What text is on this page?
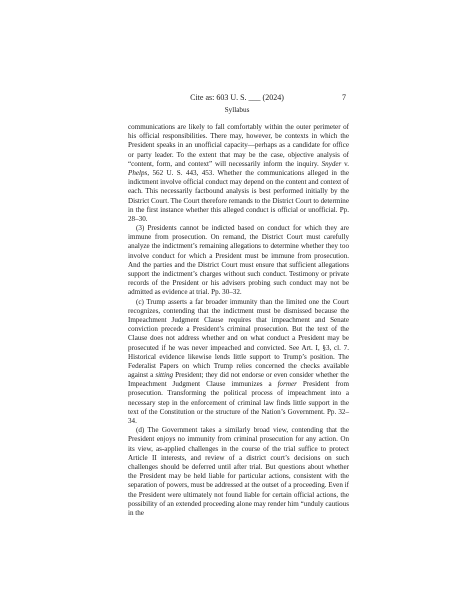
Cite as: 603 U. S. ___ (2024)	7
Syllabus

communications are likely to fall comfortably within the outer perimeter of his official responsibilities. There may, however, be contexts in which the President speaks in an unofficial capacity—perhaps as a candidate for office or party leader. To the extent that may be the case, objective analysis of “content, form, and context” will necessarily inform the inquiry. Snyder v. Phelps, 562 U. S. 443, 453. Whether the communications alleged in the indictment involve official conduct may depend on the content and context of each. This necessarily factbound analysis is best performed initially by the District Court. The Court therefore remands to the District Court to determine in the first instance whether this alleged conduct is official or unofficial. Pp. 28–30.

(3) Presidents cannot be indicted based on conduct for which they are immune from prosecution. On remand, the District Court must carefully analyze the indictment’s remaining allegations to determine whether they too involve conduct for which a President must be immune from prosecution. And the parties and the District Court must ensure that sufficient allegations support the indictment’s charges without such conduct. Testimony or private records of the President or his advisers probing such conduct may not be admitted as evidence at trial. Pp. 30–32.

(c) Trump asserts a far broader immunity than the limited one the Court recognizes, contending that the indictment must be dismissed because the Impeachment Judgment Clause requires that impeachment and Senate conviction precede a President’s criminal prosecution. But the text of the Clause does not address whether and on what conduct a President may be prosecuted if he was never impeached and convicted. See Art. I, §3, cl. 7. Historical evidence likewise lends little support to Trump’s position. The Federalist Papers on which Trump relies concerned the checks available against a sitting President; they did not endorse or even consider whether the Impeachment Judgment Clause immunizes a former President from prosecution. Transforming the political process of impeachment into a necessary step in the enforcement of criminal law finds little support in the text of the Constitution or the structure of the Nation’s Government. Pp. 32–34.

(d) The Government takes a similarly broad view, contending that the President enjoys no immunity from criminal prosecution for any action. On its view, as-applied challenges in the course of the trial suffice to protect Article II interests, and review of a district court’s decisions on such challenges should be deferred until after trial. But questions about whether the President may be held liable for particular actions, consistent with the separation of powers, must be addressed at the outset of a proceeding. Even if the President were ultimately not found liable for certain official actions, the possibility of an extended proceeding alone may render him “unduly cautious in the
